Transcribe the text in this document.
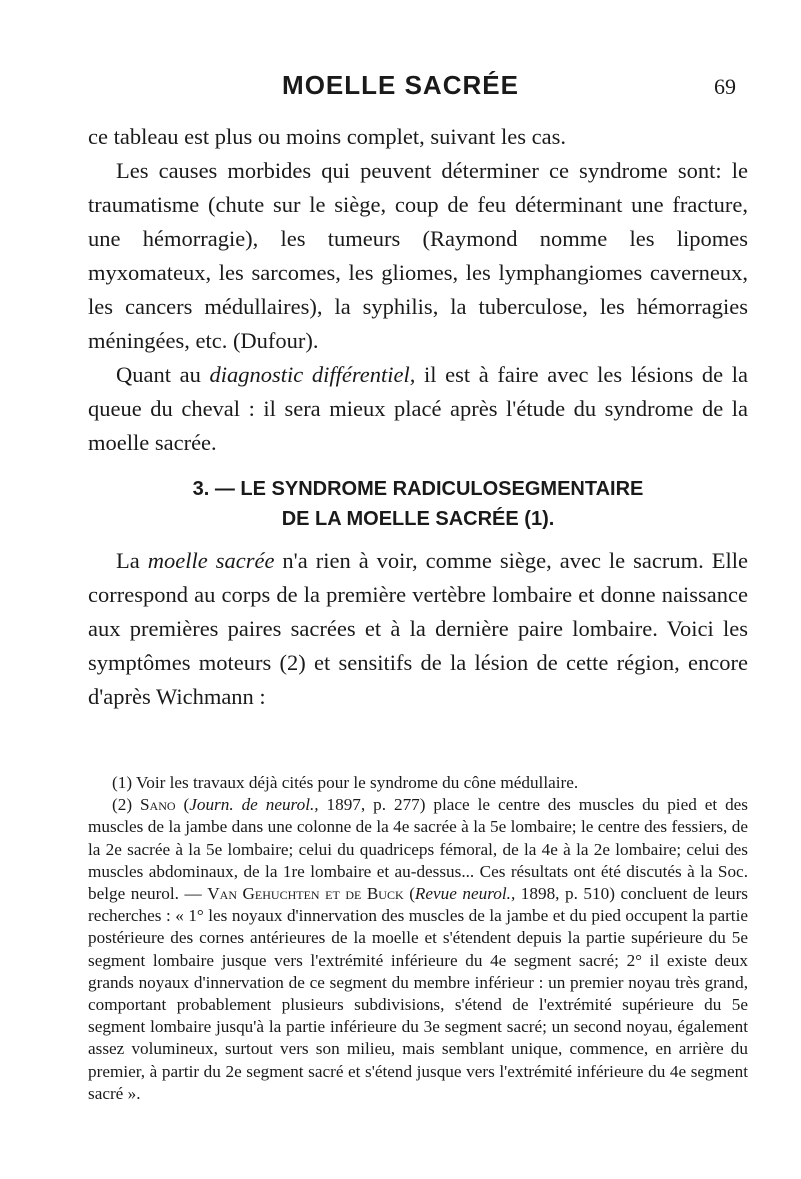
MOELLE SACRÉE	69

ce tableau est plus ou moins complet, suivant les cas.

Les causes morbides qui peuvent déterminer ce syndrome sont: le traumatisme (chute sur le siège, coup de feu déterminant une fracture, une hémorragie), les tumeurs (Raymond nomme les lipomes myxomateux, les sarcomes, les gliomes, les lymphangiomes caverneux, les cancers médullaires), la syphilis, la tuberculose, les hémorragies méningées, etc. (Dufour).

Quant au diagnostic différentiel, il est à faire avec les lésions de la queue du cheval : il sera mieux placé après l'étude du syndrome de la moelle sacrée.

3. — LE SYNDROME RADICULOSEGMENTAIRE
DE LA MOELLE SACRÉE (1).

La moelle sacrée n'a rien à voir, comme siège, avec le sacrum. Elle correspond au corps de la première vertèbre lombaire et donne naissance aux premières paires sacrées et à la dernière paire lombaire. Voici les symptômes moteurs (2) et sensitifs de la lésion de cette région, encore d'après Wichmann :

(1) Voir les travaux déjà cités pour le syndrome du cône médullaire.

(2) Sano (Journ. de neurol., 1897, p. 277) place le centre des muscles du pied et des muscles de la jambe dans une colonne de la 4e sacrée à la 5e lombaire; le centre des fessiers, de la 2e sacrée à la 5e lombaire; celui du quadriceps fémoral, de la 4e à la 2e lombaire; celui des muscles abdominaux, de la 1re lombaire et au-dessus... Ces résultats ont été discutés à la Soc. belge neurol. — Van Gehuchten et de Buck (Revue neurol., 1898, p. 510) concluent de leurs recherches : « 1° les noyaux d'innervation des muscles de la jambe et du pied occupent la partie postérieure des cornes antérieures de la moelle et s'étendent depuis la partie supérieure du 5e segment lombaire jusque vers l'extrémité inférieure du 4e segment sacré; 2° il existe deux grands noyaux d'innervation de ce segment du membre inférieur : un premier noyau très grand, comportant probablement plusieurs subdivisions, s'étend de l'extrémité supérieure du 5e segment lombaire jusqu'à la partie inférieure du 3e segment sacré; un second noyau, également assez volumineux, surtout vers son milieu, mais semblant unique, commence, en arrière du premier, à partir du 2e segment sacré et s'étend jusque vers l'extrémité inférieure du 4e segment sacré ».
